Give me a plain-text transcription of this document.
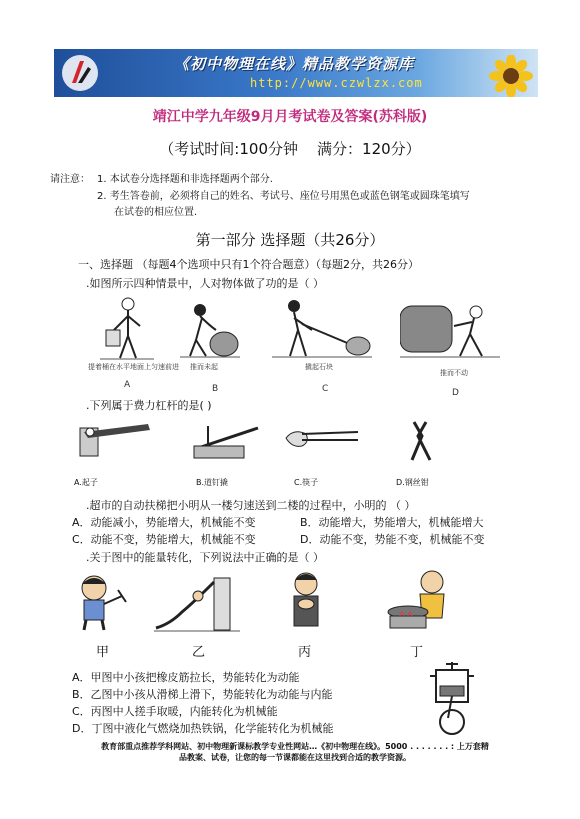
《初中物理在线》精品教学资源库
http://www.czwlzx.com
靖江中学九年级9月月考试卷及答案(苏科版)
（考试时间:100分钟    满分：120分）
请注意： 1. 本试卷分选择题和非选择题两个部分.
2. 考生答卷前，必须将自己的姓名、考试号、座位号用黑色或蓝色钢笔或圆珠笔填写
在试卷的相应位置.
第一部分 选择题（共26分）
一、选择题 （每题4个选项中只有1个符合题意）（每题2分，共26分）
.如图所示四种情景中，人对物体做了功的是（ ）
提着桶在水平地面上匀速前进 推而未起	撬起石块
推而不动
A	B	C	D
.下列属于费力杠杆的是( )
A.起子	B.道钉撬	C.筷子	D.钢丝钳
.超市的自动扶梯把小明从一楼匀速送到二楼的过程中，小明的 （ ）
A．动能减小，势能增大，机械能不变	B．动能增大，势能增大，机械能增大
C．动能不变，势能增大，机械能不变	D．动能不变，势能不变，机械能不变
.关于图中的能量转化，下列说法中正确的是（ ）
甲	乙	丙	丁
A．甲图中小孩把橡皮筋拉长，势能转化为动能
B．乙图中小孩从滑梯上滑下，势能转化为动能与内能
C．丙图中人搓手取暖，内能转化为机械能
D．丁图中液化气燃烧加热铁锅，化学能转化为机械能
教育部重点推荐学科网站、初中物理新课标教学专业性网站…《初中物理在线》。5000 . . . . . . . : 上万套精
品教案、试卷，让您的每一节课都能在这里找到合适的教学资源。
